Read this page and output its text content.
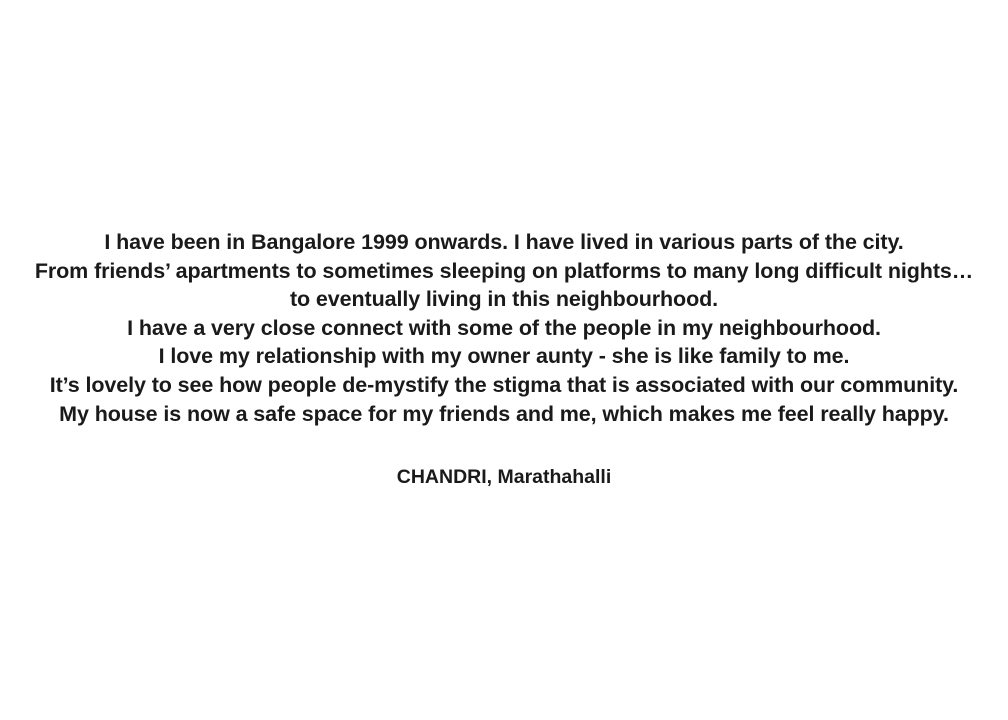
I have been in Bangalore 1999 onwards. I have lived in various parts of the city.
From friends’ apartments to sometimes sleeping on platforms to many long difficult nights…
to eventually living in this neighbourhood.
I have a very close connect with some of the people in my neighbourhood.
I love my relationship with my owner aunty - she is like family to me.
It’s lovely to see how people de-mystify the stigma that is associated with our community.
My house is now a safe space for my friends and me, which makes me feel really happy.
CHANDRI, Marathahalli
